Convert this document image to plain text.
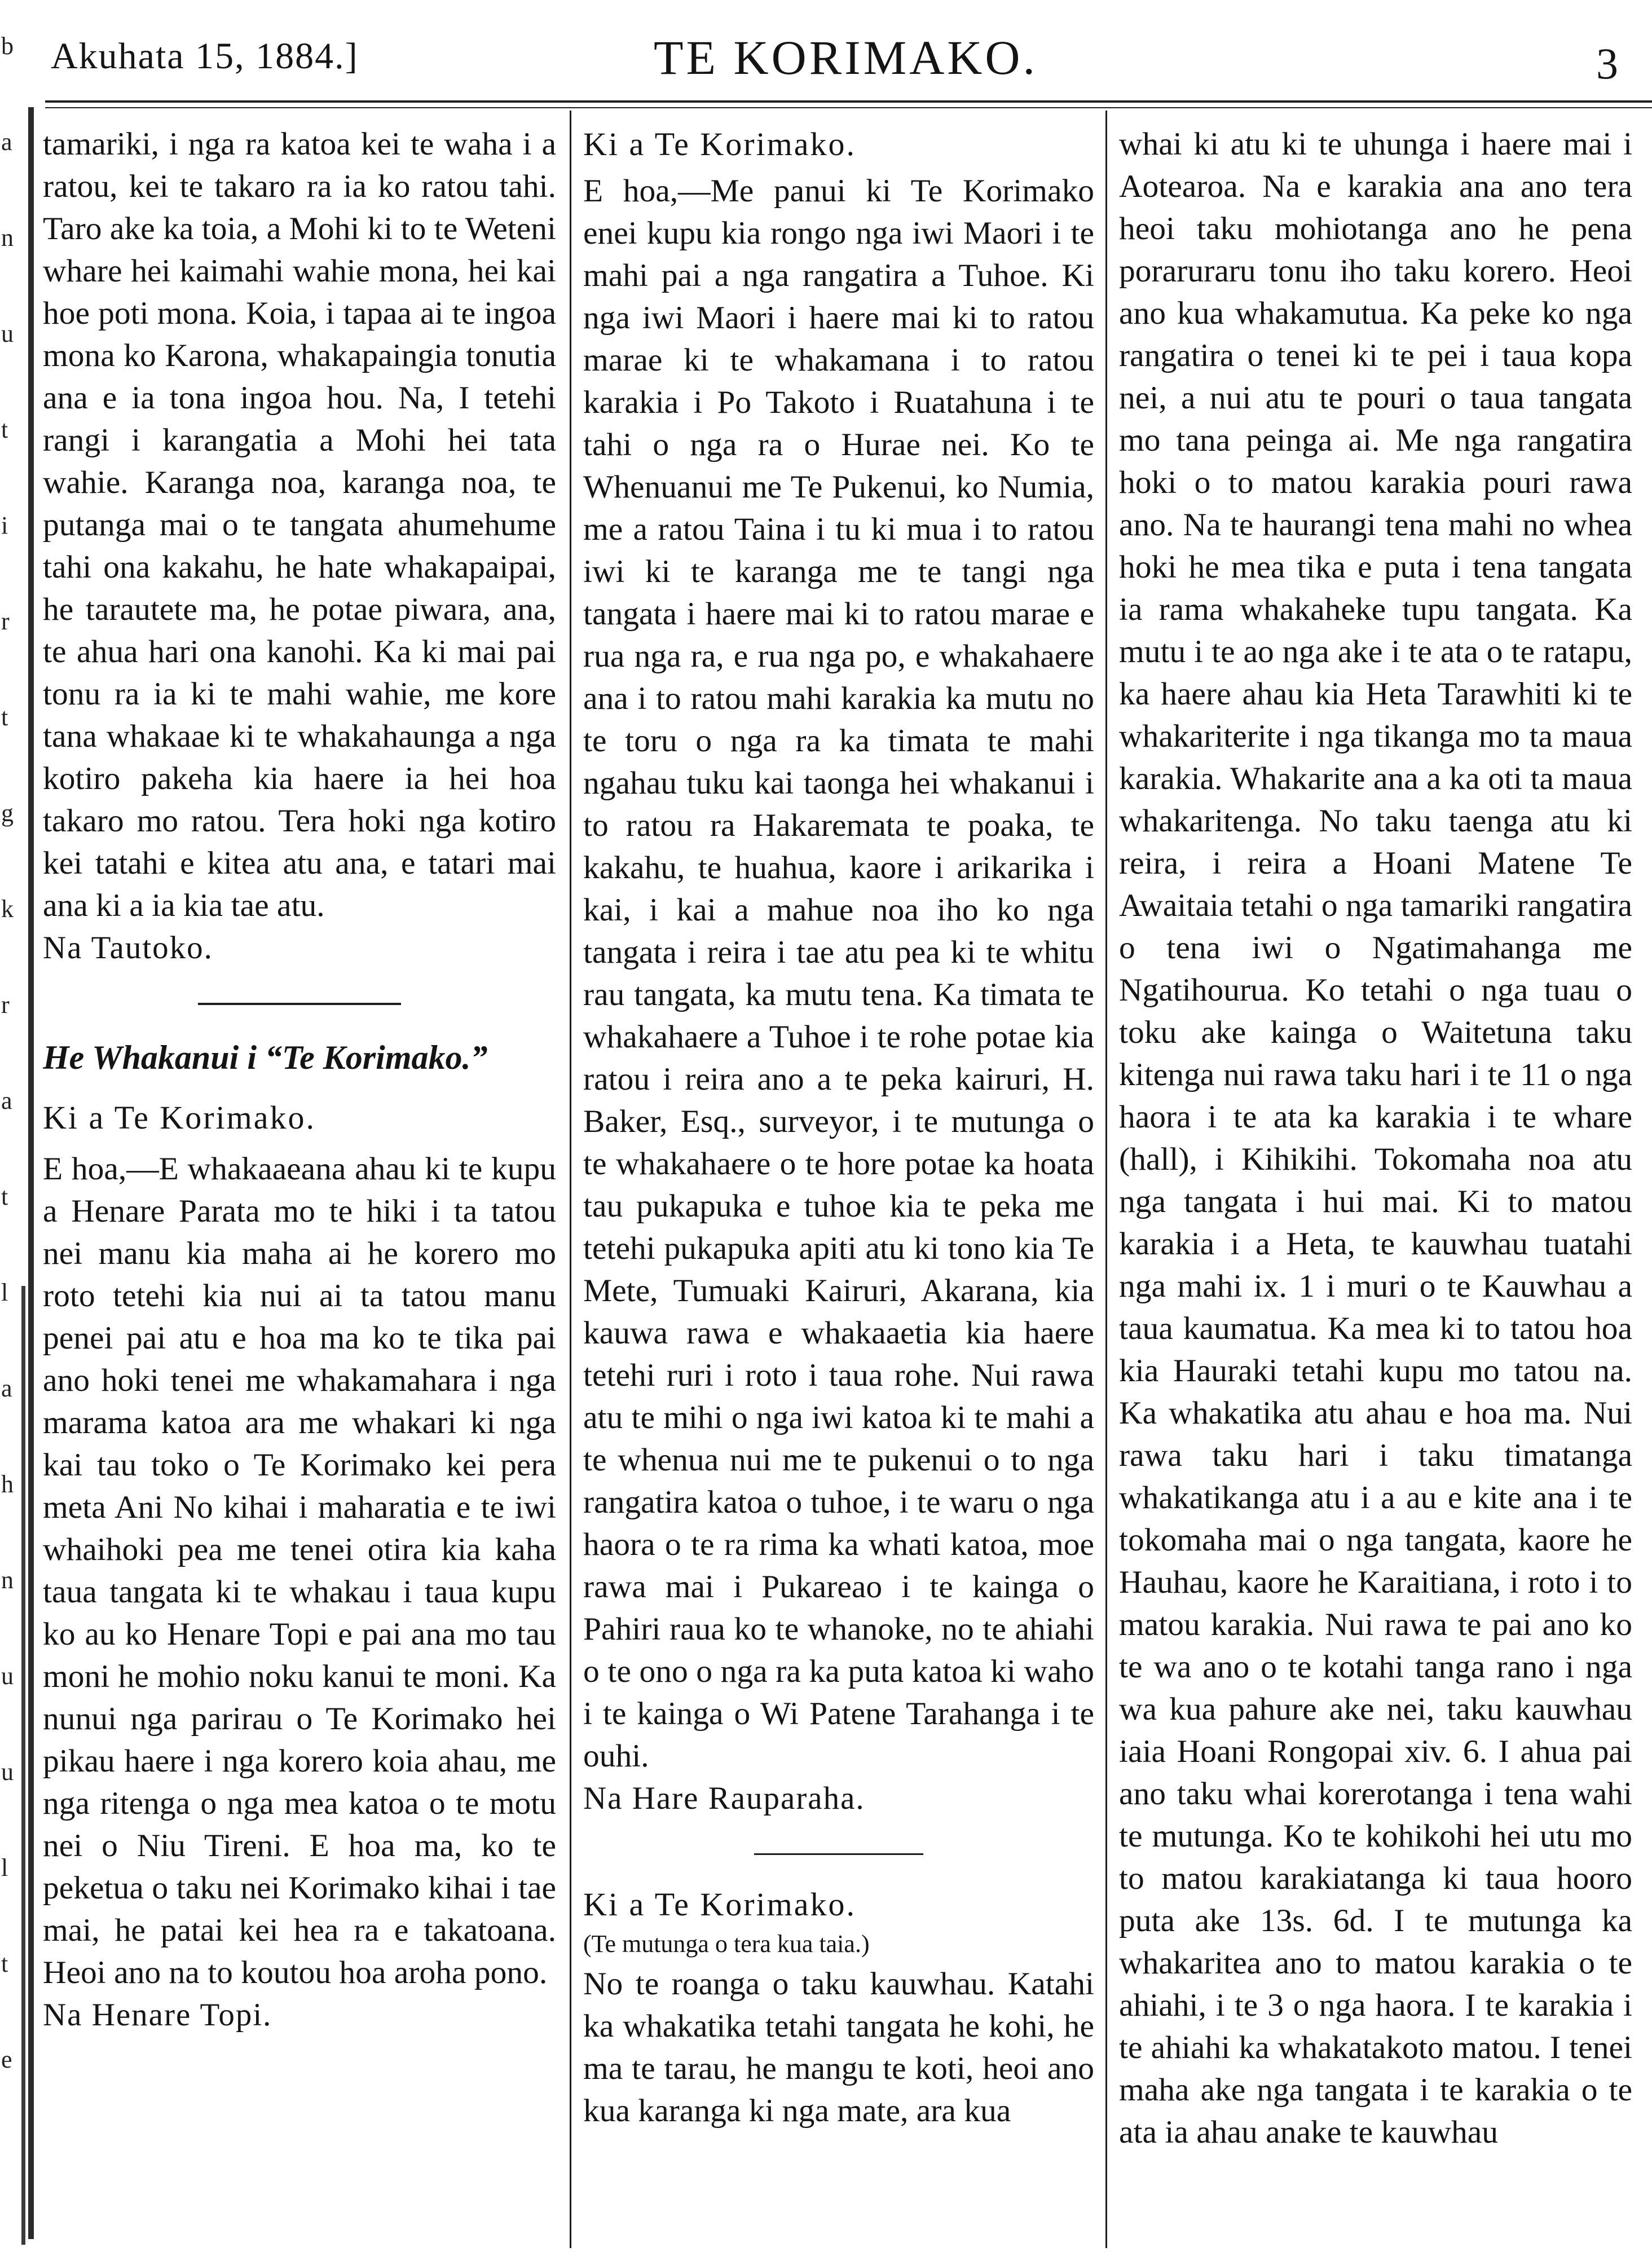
b
a
n
u
t
i
r
t
g
k
r
a
t
l
a
h
n
u
u
l
t
e
Akuhata 15, 1884.]	TE KORIMAKO.	3

tamariki, i nga ra katoa kei te waha i a ratou, kei te takaro ra ia ko ratou tahi. Taro ake ka toia, a Mohi ki to te Weteni whare hei kaimahi wahie mona, hei kai hoe poti mona. Koia, i tapaa ai te ingoa mona ko Karona, whakapaingia tonutia ana e ia tona ingoa hou. Na, I tetehi rangi i karangatia a Mohi hei tata wahie. Karanga noa, karanga noa, te putanga mai o te tangata ahumehume tahi ona kakahu, he hate whakapaipai, he tarautete ma, he potae piwara, ana, te ahua hari ona kanohi. Ka ki mai pai tonu ra ia ki te mahi wahie, me kore tana whakaae ki te whakahaunga a nga kotiro pakeha kia haere ia hei hoa takaro mo ratou. Tera hoki nga kotiro kei tatahi e kitea atu ana, e tatari mai ana ki a ia kia tae atu.

Na Tautoko.

He Whakanui i “Te Korimako.”

Ki a Te Korimako.

E hoa,—E whakaaeana ahau ki te kupu a Henare Parata mo te hiki i ta tatou nei manu kia maha ai he korero mo roto tetehi kia nui ai ta tatou manu penei pai atu e hoa ma ko te tika pai ano hoki tenei me whakamahara i nga marama katoa ara me whakari ki nga kai tau toko o Te Korimako kei pera meta Ani No kihai i maharatia e te iwi whaihoki pea me tenei otira kia kaha taua tangata ki te whakau i taua kupu ko au ko Henare Topi e pai ana mo tau moni he mohio noku kanui te moni. Ka nunui nga parirau o Te Korimako hei pikau haere i nga korero koia ahau, me nga ritenga o nga mea katoa o te motu nei o Niu Tireni. E hoa ma, ko te peketua o taku nei Korimako kihai i tae mai, he patai kei hea ra e takatoana. Heoi ano na to koutou hoa aroha pono.

Na Henare Topi.

Ki a Te Korimako.

E hoa,—Me panui ki Te Korimako enei kupu kia rongo nga iwi Maori i te mahi pai a nga rangatira a Tuhoe. Ki nga iwi Maori i haere mai ki to ratou marae ki te whakamana i to ratou karakia i Po Takoto i Ruatahuna i te tahi o nga ra o Hurae nei. Ko te Whenuanui me Te Pukenui, ko Numia, me a ratou Taina i tu ki mua i to ratou iwi ki te karanga me te tangi nga tangata i haere mai ki to ratou marae e rua nga ra, e rua nga po, e whakahaere ana i to ratou mahi karakia ka mutu no te toru o nga ra ka timata te mahi ngahau tuku kai taonga hei whakanui i to ratou ra Hakaremata te poaka, te kakahu, te huahua, kaore i arikarika i kai, i kai a mahue noa iho ko nga tangata i reira i tae atu pea ki te whitu rau tangata, ka mutu tena. Ka timata te whakahaere a Tuhoe i te rohe potae kia ratou i reira ano a te peka kairuri, H. Baker, Esq., surveyor, i te mutunga o te whakahaere o te hore potae ka hoata tau pukapuka e tuhoe kia te peka me tetehi pukapuka apiti atu ki tono kia Te Mete, Tumuaki Kairuri, Akarana, kia kauwa rawa e whakaaetia kia haere tetehi ruri i roto i taua rohe. Nui rawa atu te mihi o nga iwi katoa ki te mahi a te whenua nui me te pukenui o to nga rangatira katoa o tuhoe, i te waru o nga haora o te ra rima ka whati katoa, moe rawa mai i Pukareao i te kainga o Pahiri raua ko te whanoke, no te ahiahi o te ono o nga ra ka puta katoa ki waho i te kainga o Wi Patene Tarahanga i te ouhi.

Na Hare Rauparaha.

Ki a Te Korimako.

(Te mutunga o tera kua taia.)

No te roanga o taku kauwhau. Katahi ka whakatika tetahi tangata he kohi, he ma te tarau, he mangu te koti, heoi ano kua karanga ki nga mate, ara kua

whai ki atu ki te uhunga i haere mai i Aotearoa. Na e karakia ana ano tera heoi taku mohiotanga ano he pena poraruraru tonu iho taku korero. Heoi ano kua whakamutua. Ka peke ko nga rangatira o tenei ki te pei i taua kopa nei, a nui atu te pouri o taua tangata mo tana peinga ai. Me nga rangatira hoki o to matou karakia pouri rawa ano. Na te haurangi tena mahi no whea hoki he mea tika e puta i tena tangata ia rama whakaheke tupu tangata. Ka mutu i te ao nga ake i te ata o te ratapu, ka haere ahau kia Heta Tarawhiti ki te whakariterite i nga tikanga mo ta maua karakia. Whakarite ana a ka oti ta maua whakaritenga. No taku taenga atu ki reira, i reira a Hoani Matene Te Awaitaia tetahi o nga tamariki rangatira o tena iwi o Ngatimahanga me Ngatihourua. Ko tetahi o nga tuau o toku ake kainga o Waitetuna taku kitenga nui rawa taku hari i te 11 o nga haora i te ata ka karakia i te whare (hall), i Kihikihi. Tokomaha noa atu nga tangata i hui mai. Ki to matou karakia i a Heta, te kauwhau tuatahi nga mahi ix. 1 i muri o te Kauwhau a taua kaumatua. Ka mea ki to tatou hoa kia Hauraki tetahi kupu mo tatou na. Ka whakatika atu ahau e hoa ma. Nui rawa taku hari i taku timatanga whakatikanga atu i a au e kite ana i te tokomaha mai o nga tangata, kaore he Hauhau, kaore he Karaitiana, i roto i to matou karakia. Nui rawa te pai ano ko te wa ano o te kotahi tanga rano i nga wa kua pahure ake nei, taku kauwhau iaia Hoani Rongopai xiv. 6. I ahua pai ano taku whai korerotanga i tena wahi te mutunga. Ko te kohikohi hei utu mo to matou karakiatanga ki taua hooro puta ake 13s. 6d. I te mutunga ka whakaritea ano to matou karakia o te ahiahi, i te 3 o nga haora. I te karakia i te ahiahi ka whakatakoto matou. I tenei maha ake nga tangata i te karakia o te ata ia ahau anake te kauwhau
